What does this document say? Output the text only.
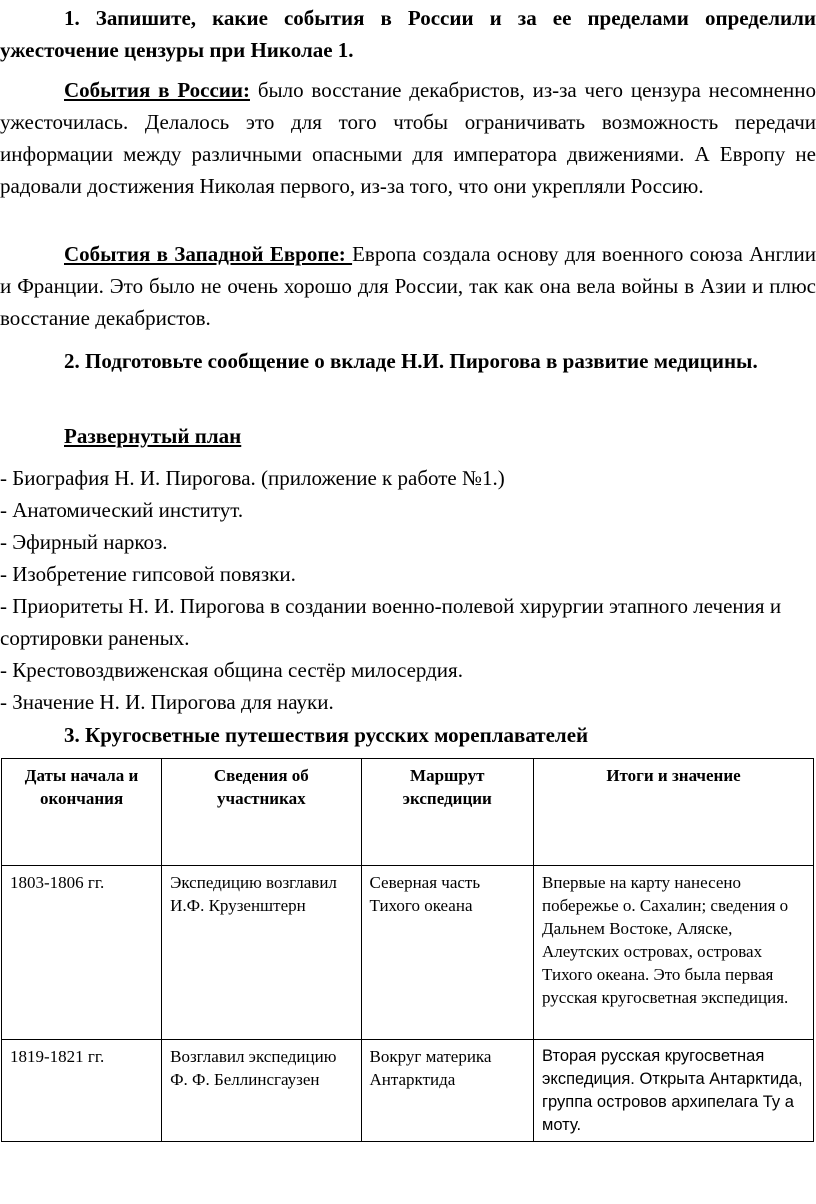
1. Запишите, какие события в России и за ее пределами определили ужесточение цензуры при Николае 1.

События в России: было восстание декабристов, из-за чего цензура несомненно ужесточилась. Делалось это для того чтобы ограничивать возможность передачи информации между различными опасными для императора движениями. А Европу не радовали достижения Николая первого, из-за того, что они укрепляли Россию.

События в Западной Европе: Европа создала основу для военного союза Англии и Франции. Это было не очень хорошо для России, так как она вела войны в Азии и плюс восстание декабристов.

2. Подготовьте сообщение о вкладе Н.И. Пирогова в развитие медицины.

Развернутый план

- Биография Н. И. Пирогова. (приложение к работе №1.)
- Анатомический институт.
- Эфирный наркоз.
- Изобретение гипсовой повязки.
- Приоритеты Н. И. Пирогова в создании военно-полевой хирургии этапного лечения и сортировки раненых.
- Крестовоздвиженская община сестёр милосердия.
- Значение Н. И. Пирогова для науки.

3. Кругосветные путешествия русских мореплавателей

Даты начала и окончания	Сведения об участниках	Маршрут экспедиции	Итоги и значение
1803-1806 гг.	Экспедицию возглавил И.Ф. Крузенштерн	Северная часть Тихого океана	Впервые на карту нанесено побережье о. Сахалин; сведения о Дальнем Востоке, Аляске, Алеутских островах, островах Тихого океана. Это была первая русская кругосветная экспедиция.
1819-1821 гг.	Возглавил экспедицию Ф. Ф. Беллинсгаузен	Вокруг материка Антарктида	Вторая русская кругосветная экспедиция. Открыта Антарктида, группа островов архипелага Ту а моту.
